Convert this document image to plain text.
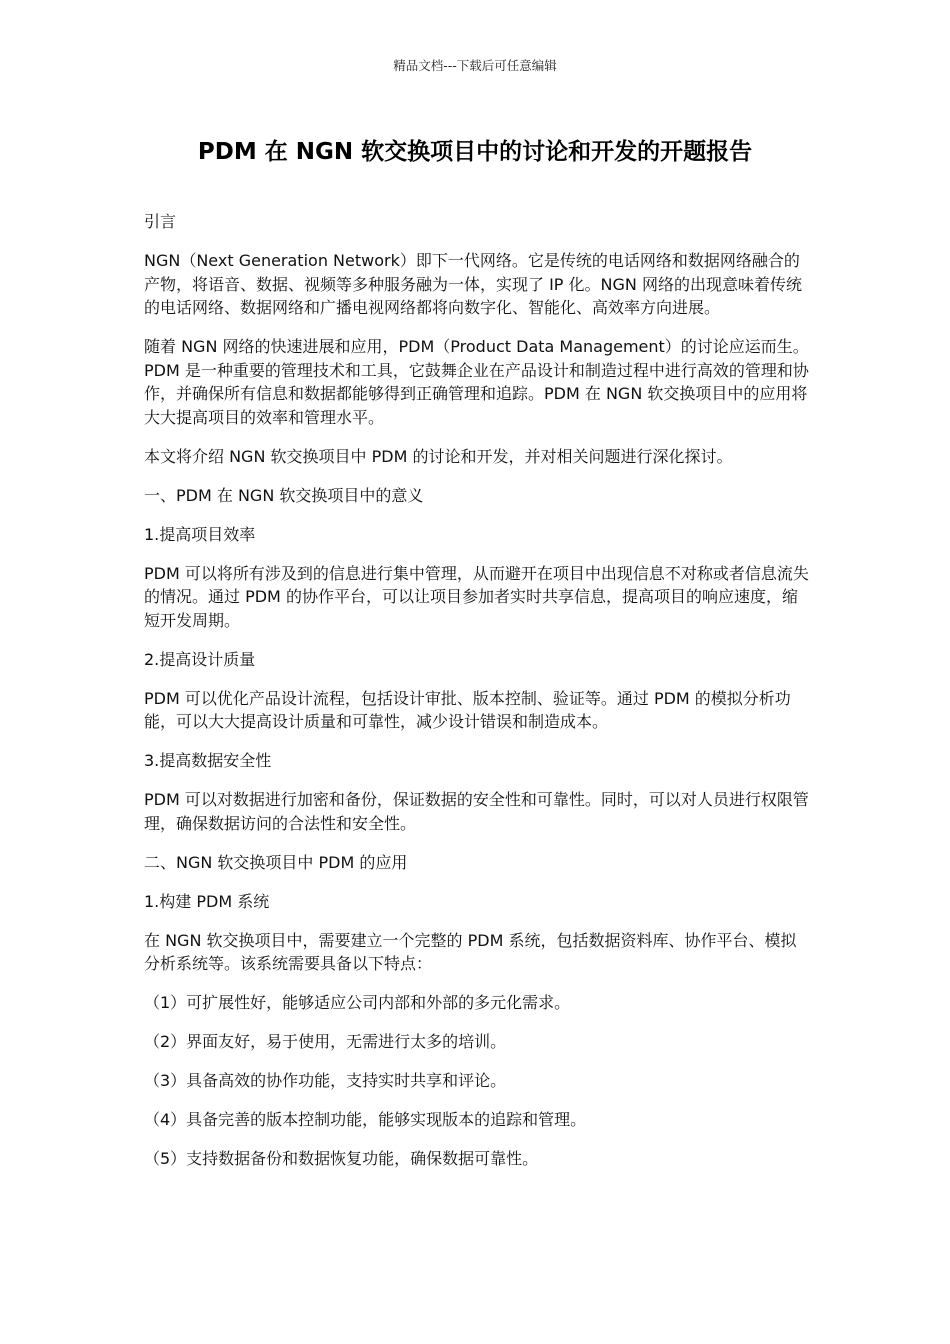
精品文档---下载后可任意编辑
PDM 在 NGN 软交换项目中的讨论和开发的开题报告

引言

NGN（Next Generation Network）即下一代网络。它是传统的电话网络和数据网络融合的产物，将语音、数据、视频等多种服务融为一体，实现了 IP 化。NGN 网络的出现意味着传统的电话网络、数据网络和广播电视网络都将向数字化、智能化、高效率方向进展。

随着 NGN 网络的快速进展和应用，PDM（Product Data Management）的讨论应运而生。PDM 是一种重要的管理技术和工具，它鼓舞企业在产品设计和制造过程中进行高效的管理和协作，并确保所有信息和数据都能够得到正确管理和追踪。PDM 在 NGN 软交换项目中的应用将大大提高项目的效率和管理水平。

本文将介绍 NGN 软交换项目中 PDM 的讨论和开发，并对相关问题进行深化探讨。

一、PDM 在 NGN 软交换项目中的意义

1.提高项目效率

PDM 可以将所有涉及到的信息进行集中管理，从而避开在项目中出现信息不对称或者信息流失的情况。通过 PDM 的协作平台，可以让项目参加者实时共享信息，提高项目的响应速度，缩短开发周期。

2.提高设计质量

PDM 可以优化产品设计流程，包括设计审批、版本控制、验证等。通过 PDM 的模拟分析功能，可以大大提高设计质量和可靠性，减少设计错误和制造成本。

3.提高数据安全性

PDM 可以对数据进行加密和备份，保证数据的安全性和可靠性。同时，可以对人员进行权限管理，确保数据访问的合法性和安全性。

二、NGN 软交换项目中 PDM 的应用

1.构建 PDM 系统

在 NGN 软交换项目中，需要建立一个完整的 PDM 系统，包括数据资料库、协作平台、模拟分析系统等。该系统需要具备以下特点：

（1）可扩展性好，能够适应公司内部和外部的多元化需求。

（2）界面友好，易于使用，无需进行太多的培训。

（3）具备高效的协作功能，支持实时共享和评论。

（4）具备完善的版本控制功能，能够实现版本的追踪和管理。

（5）支持数据备份和数据恢复功能，确保数据可靠性。
